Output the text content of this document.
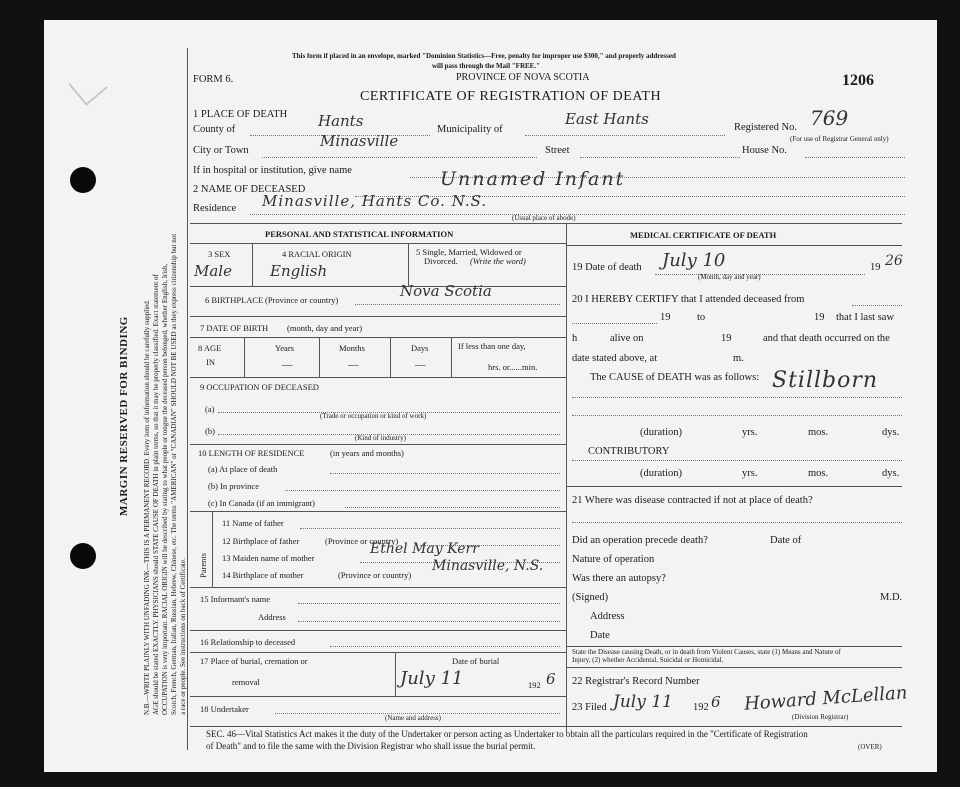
MARGIN RESERVED FOR BINDING N.B.—WRITE PLAINLY WITH UNFADING INK—THIS IS A PERMANENT RECORD. Every item of information should be carefully supplied. AGE should be stated EXACTLY. PHYSICIANS should STATE CAUSE OF DEATH in plain terms, so that it may be properly classified. Exact statement of OCCUPATION is very important. RACIAL ORIGIN will be described by stating to what people or tongue the deceased person belonged, whether English, Irish, Scotch, French, German, Italian, Russian, Hebrew, Chinese, etc. The terms "AMERICAN" or "CANADIAN" SHOULD NOT BE USED as they express citizenship but not a race or people. See instructions on back of Certificate.
This form if placed in an envelope, marked "Dominion Statistics—Free, penalty for improper use $300," and properly addressed
will pass through the Mail "FREE."
PROVINCE OF NOVA SCOTIA
FORM 6.	1206
CERTIFICATE OF REGISTRATION OF DEATH
1 PLACE OF DEATH
County of	Hants	Municipality of
East Hants	Registered No. 769
(For use of Registrar General only)
City or Town
Minasville
Street	House No.
If in hospital or institution, give name
2 NAME OF DECEASED	Unnamed Infant
Residence Minasville, Hants Co. N.S.
(Usual place of abode)
PERSONAL AND STATISTICAL INFORMATION
3 SEX
Male
4 RACIAL ORIGIN
English
5 Single, Married, Widowed or
Divorced. (Write the word)
6 BIRTHPLACE (Province or country)	Nova Scotia
7 DATE OF BIRTH (month, day and year)
8 AGE
IN
Years
—
Months
—
Days
—
If less than one day,
hrs. or......min.
9 OCCUPATION OF DECEASED
(a)
(Trade or occupation or kind of work)
(b)
(Kind of industry)
10 LENGTH OF RESIDENCE	(in years and months)
(a) At place of death
(b) In province
(c) In Canada (if an immigrant)
Parents
11 Name of father
12 Birthplace of father	(Province or country)
13 Maiden name of mother
Ethel May Kerr
14 Birthplace of mother	(Province or country)
Minasville, N.S.
15 Informant's name
Address
16 Relationship to deceased
17 Place of burial, cremation or
removal
Date of burial
July 11	192 6
18 Undertaker
(Name and address)
MEDICAL CERTIFICATE OF DEATH
19 Date of death July 10
(Month, day and year)
19 26
20 I HEREBY CERTIFY that I attended deceased from
19	to	19 that I last saw
h	alive on	19	and that death occurred on the
date stated above, at	m.
The CAUSE of DEATH was as follows: Stillborn
(duration)	yrs.	mos.	dys.
CONTRIBUTORY
(duration)	yrs.	mos.	dys.
21 Where was disease contracted if not at place of death?
Did an operation precede death?	Date of
Nature of operation
Was there an autopsy?
(Signed)	M.D.
Address
Date
State the Disease causing Death, or in death from Violent Causes, state (1) Means and Nature of
Injury, (2) whether Accidental, Suicidal or Homicidal.
22 Registrar's Record Number
23 Filed July 11 192 6 Howard McLellan
(Division Registrar)
SEC. 46—Vital Statistics Act makes it the duty of the Undertaker or person acting as Undertaker to obtain all the particulars required in the "Certificate of Registration
of Death" and to file the same with the Division Registrar who shall issue the burial permit.	(OVER)
